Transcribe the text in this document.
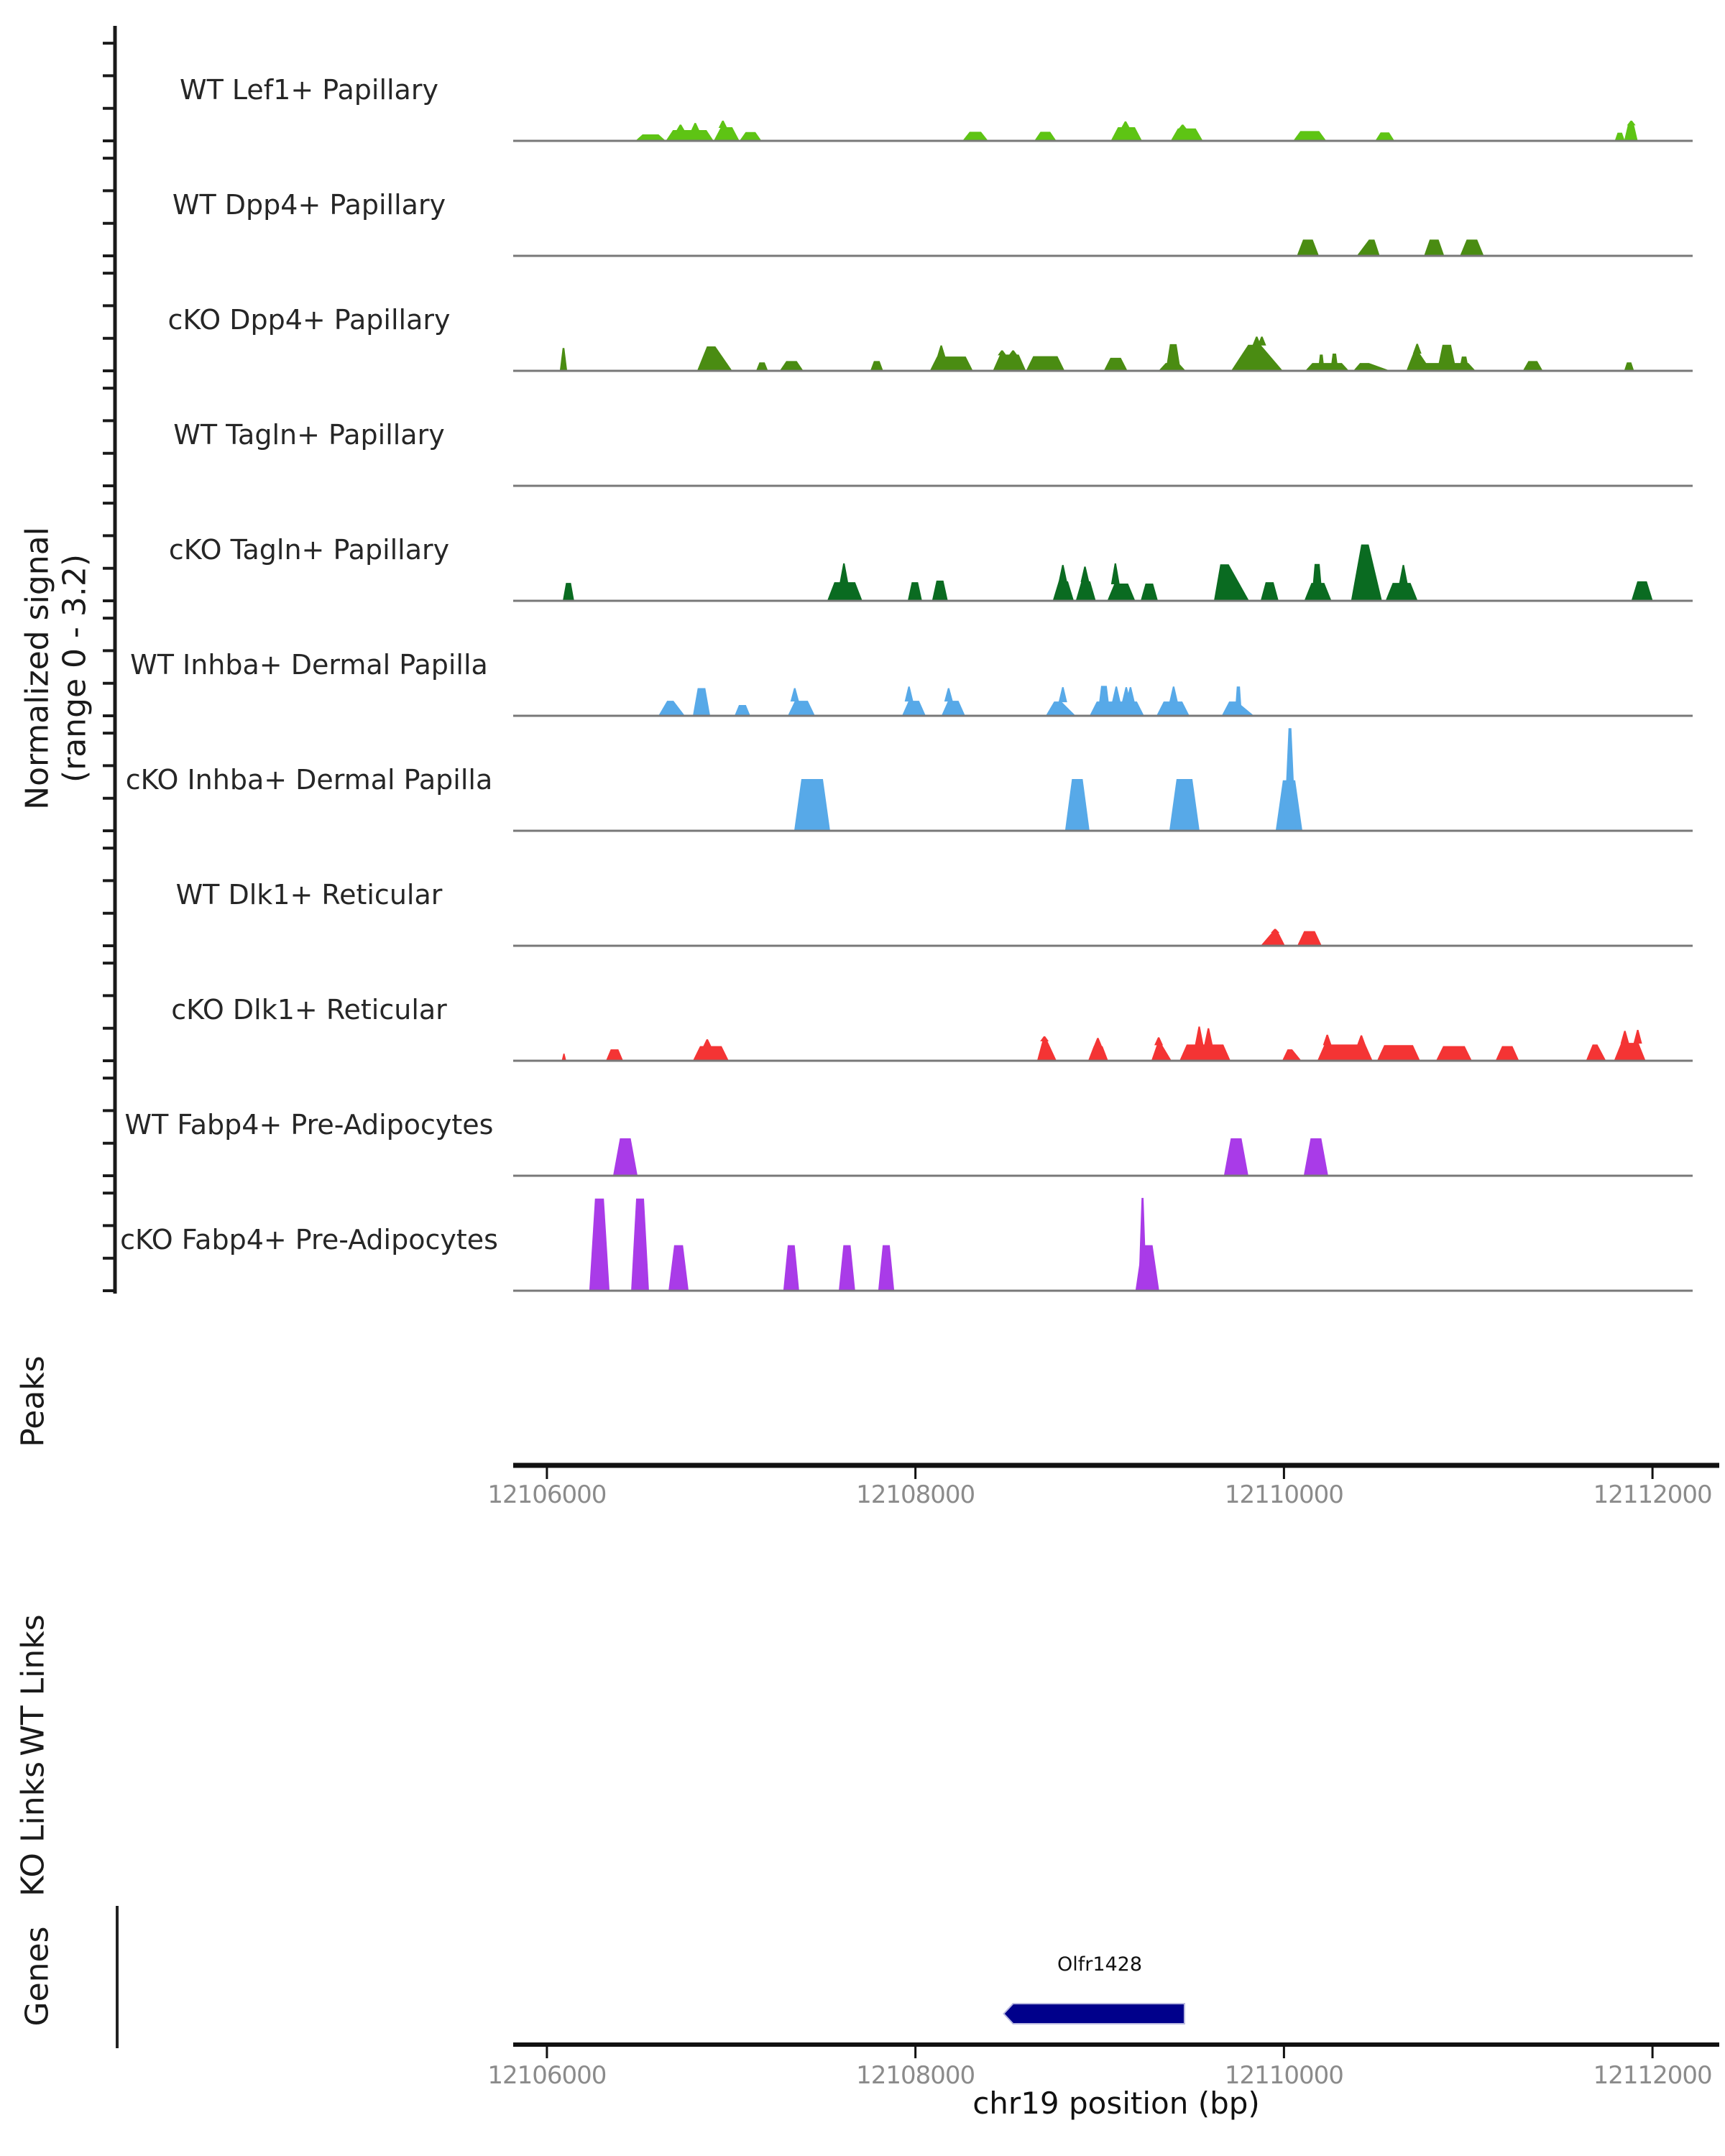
Normalized signal (range 0 - 3.2)
WT Lef1+ Papillary
WT Dpp4+ Papillary
cKO Dpp4+ Papillary
WT Tagln+ Papillary
cKO Tagln+ Papillary
WT Inhba+ Dermal Papilla
cKO Inhba+ Dermal Papilla
WT Dlk1+ Reticular
cKO Dlk1+ Reticular
WT Fabp4+ Pre-Adipocytes
cKO Fabp4+ Pre-Adipocytes
Peaks
WT Links
KO Links
Genes	Olfr1428
chr19 position (bp)
12106000	12108000	12110000	12112000
12106000	12108000	12110000	12112000
